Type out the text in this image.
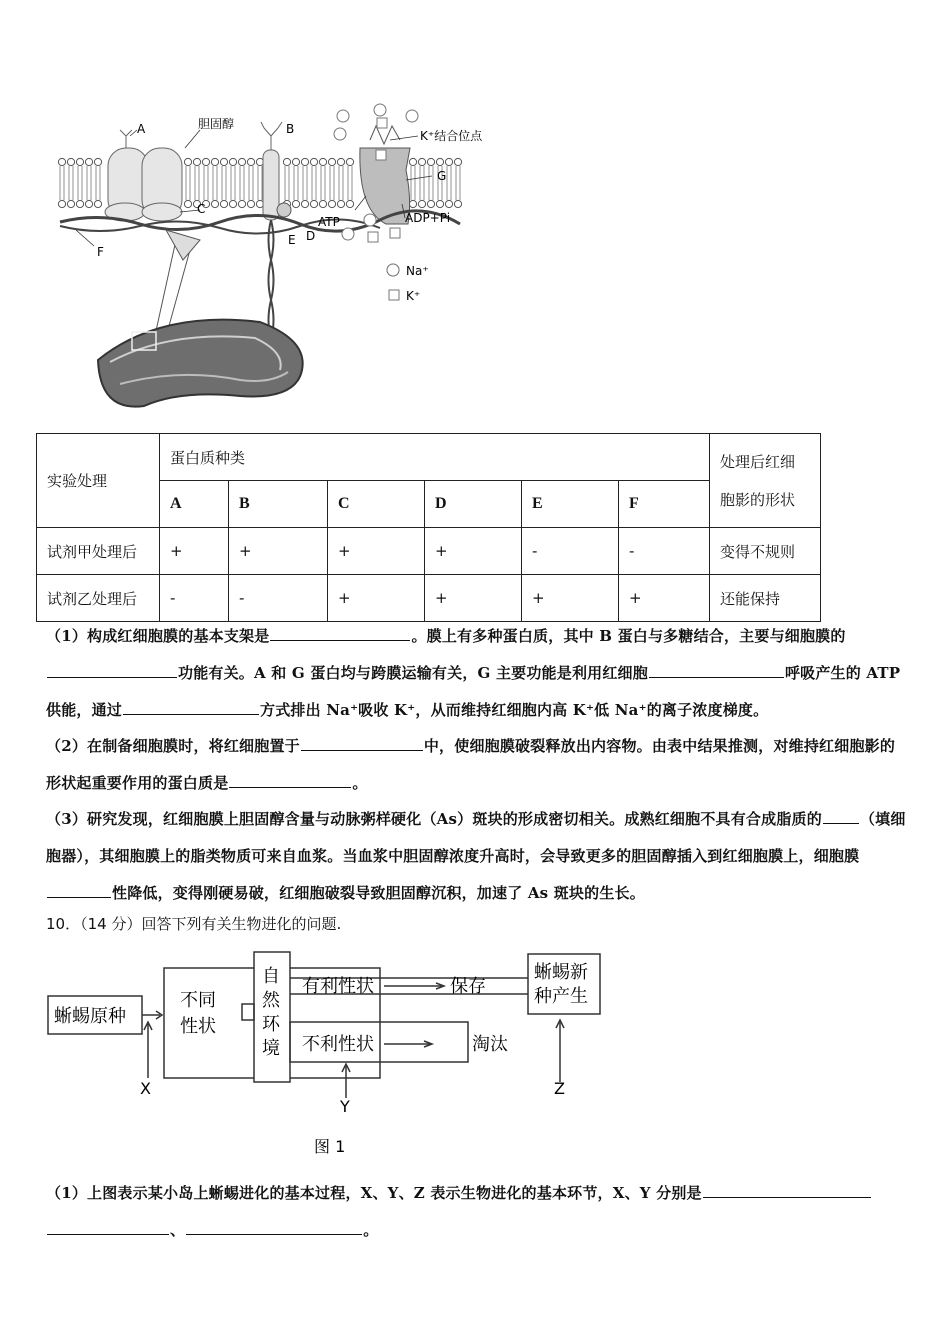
A	胆固醇	B	K⁺结合位点
G
C
ATP	ADP+Pi
E D
F
Na⁺
K⁺
实验处理	蛋白质种类						处理后红细
胞影的形状
	A	B	C	D	E	F	
试剂甲处理后	+	+	+	+	-	-	变得不规则
试剂乙处理后	-	-	+	+	+	+	还能保持
（1）构成红细胞膜的基本支架是	。膜上有多种蛋白质，其中 B 蛋白与多糖结合，主要与细胞膜的功能有关。A 和 G 蛋白均与跨膜运输有关，G 主要功能是利用红细胞	呼吸产生的 ATP 供能，通过	方式排出 Na⁺吸收 K⁺，从而维持红细胞内高 K⁺低 Na⁺的离子浓度梯度。
（2）在制备细胞膜时，将红细胞置于	中，使细胞膜破裂释放出内容物。由表中结果推测，对维持红细胞影的形状起重要作用的蛋白质是	。
（3）研究发现，红细胞膜上胆固醇含量与动脉粥样硬化（As）斑块的形成密切相关。成熟红细胞不具有合成脂质的	（填细胞器），其细胞膜上的脂类物质可来自血浆。当血浆中胆固醇浓度升高时，会导致更多的胆固醇插入到红细胞膜上，细胞膜性降低，变得刚硬易破，红细胞破裂导致胆固醇沉积，加速了 As 斑块的生长。
10．（14 分）回答下列有关生物进化的问题.
蜥蜴原种
不同
性状
自
然
环
境
有利性状	保存
不利性状	淘汰
蜥蜴新
种产生
X
Y
Z
图 1
（1）上图表示某小岛上蜥蜴进化的基本过程，X、Y、Z 表示生物进化的基本环节，X、Y 分别是、	。
